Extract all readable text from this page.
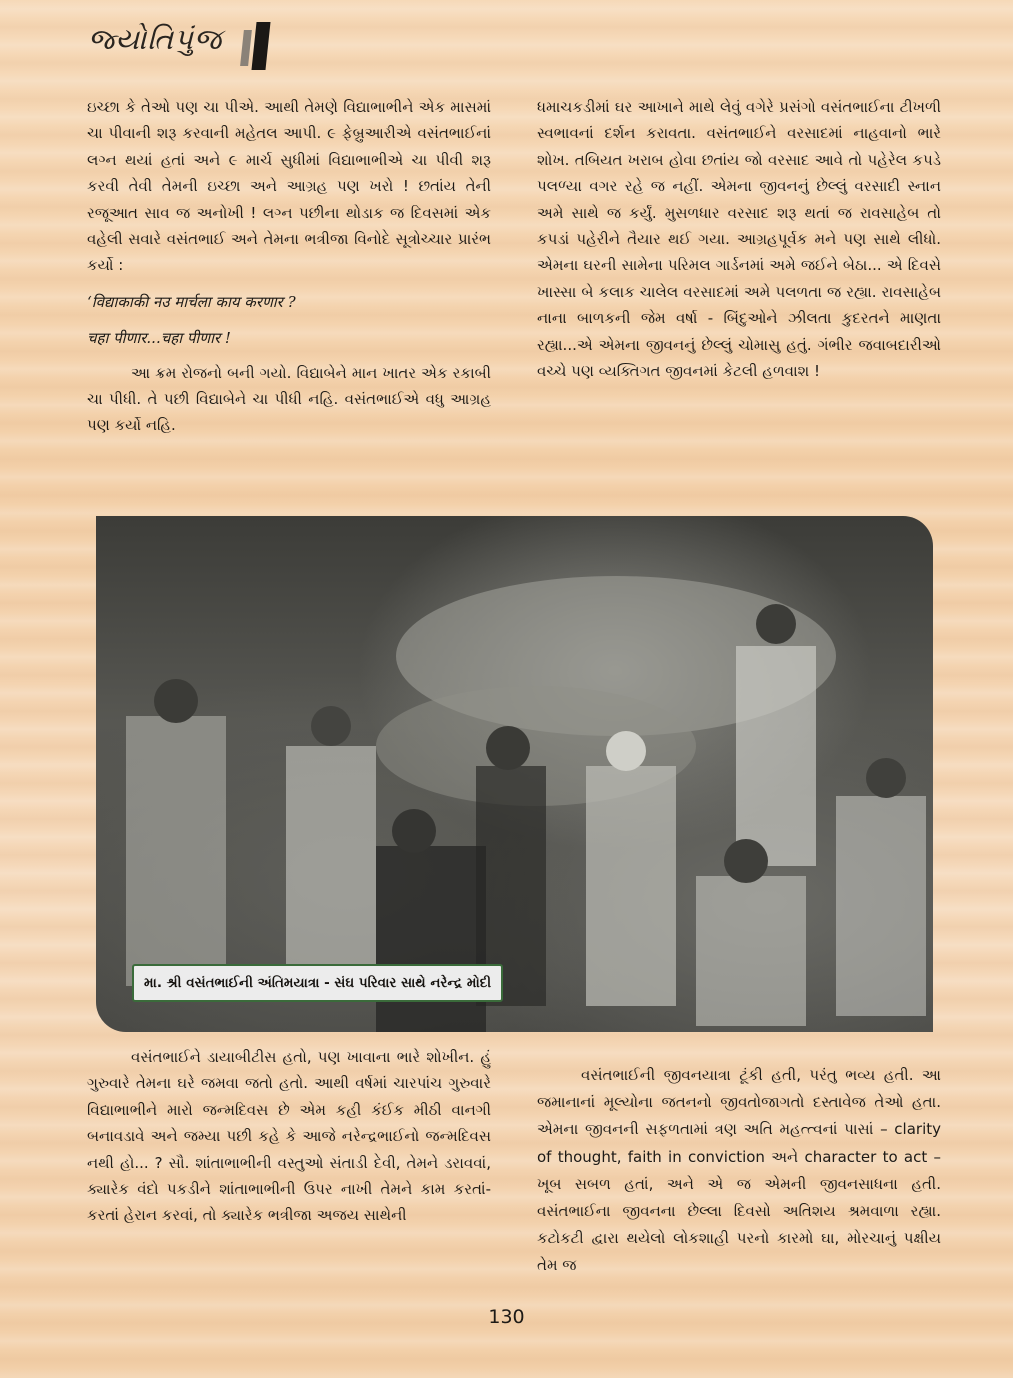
જ્યોતિપુંજ

ઇચ્છા કે તેઓ પણ ચા પીએ. આથી તેમણે વિદ્યાભાભીને એક માસમાં ચા પીવાની શરૂ કરવાની મહેતલ આપી. ૯ ફેબ્રુઆરીએ વસંતભાઈનાં લગ્ન થયાં હતાં અને ૯ માર્ચ સુધીમાં વિદ્યાભાભીએ ચા પીવી શરૂ કરવી તેવી તેમની ઇચ્છા અને આગ્રહ પણ ખરો ! છતાંય તેની રજૂઆત સાવ જ અનોખી ! લગ્ન પછીના થોડાક જ દિવસમાં એક વહેલી સવારે વસંતભાઈ અને તેમના ભત્રીજા વિનોદે સૂત્રોચ્ચાર પ્રારંભ કર્યો :

‘विद्याकाकी नउ मार्चला काय करणार ?

चहा पीणार...चहा पीणार !

આ ક્રમ રોજનો બની ગયો. વિદ્યાબેને માન ખાતર એક રકાબી ચા પીધી. તે પછી વિદ્યાબેને ચા પીધી નહિ. વસંતભાઈએ વધુ આગ્રહ પણ કર્યો નહિ.

ધમાચકડીમાં ઘર આખાને માથે લેવું વગેરે પ્રસંગો વસંતભાઈના ટીખળી સ્વભાવનાં દર્શન કરાવતા. વસંતભાઈને વરસાદમાં નાહવાનો ભારે શોખ. તબિયત ખરાબ હોવા છતાંય જો વરસાદ આવે તો પહેરેલ કપડે પલળ્યા વગર રહે જ નહીં. એમના જીવનનું છેલ્લું વરસાદી સ્નાન અમે સાથે જ કર્યું. મુસળધાર વરસાદ શરૂ થતાં જ રાવસાહેબ તો કપડાં પહેરીને તૈયાર થઈ ગયા. આગ્રહપૂર્વક મને પણ સાથે લીધો. એમના ઘરની સામેના પરિમલ ગાર્ડનમાં અમે જઈને બેઠા... એ દિવસે ખાસ્સા બે કલાક ચાલેલ વરસાદમાં અમે પલળતા જ રહ્યા. રાવસાહેબ નાના બાળકની જેમ વર્ષા - બિંદુઓને ઝીલતા કુદરતને માણતા રહ્યા...એ એમના જીવનનું છેલ્લું ચોમાસુ હતું. ગંભીર જવાબદારીઓ વચ્ચે પણ વ્યક્તિગત જીવનમાં કેટલી હળવાશ !

મા. શ્રી વસંતભાઈની અંતિમયાત્રા - સંઘ પરિવાર સાથે નરેન્દ્ર મોદી

વસંતભાઈને ડાયાબીટીસ હતો, પણ ખાવાના ભારે શોખીન. હું ગુરુવારે તેમના ઘરે જમવા જતો હતો. આથી વર્ષમાં ચારપાંચ ગુરુવારે વિદ્યાભાભીને મારો જન્મદિવસ છે એમ કહી કંઈક મીઠી વાનગી બનાવડાવે અને જમ્યા પછી કહે કે આજે નરેન્દ્રભાઈનો જન્મદિવસ નથી હો... ? સૌ. શાંતાભાભીની વસ્તુઓ સંતાડી દેવી, તેમને ડરાવવાં, ક્યારેક વંદો પકડીને શાંતાભાભીની ઉપર નાખી તેમને કામ કરતાં-કરતાં હેરાન કરવાં, તો ક્યારેક ભત્રીજા અજય સાથેની

વસંતભાઈની જીવનયાત્રા ટૂંકી હતી, પરંતુ ભવ્ય હતી. આ જમાનાનાં મૂલ્યોના જતનનો જીવતોજાગતો દસ્તાવેજ તેઓ હતા. એમના જીવનની સફળતામાં ત્રણ અતિ મહત્ત્વનાં પાસાં – clarity of thought, faith in conviction અને character to act – ખૂબ સબળ હતાં, અને એ જ એમની જીવનસાધના હતી. વસંતભાઈના જીવનના છેલ્લા દિવસો અતિશય શ્રમવાળા રહ્યા. કટોકટી દ્વારા થયેલો લોકશાહી પરનો કારમો ઘા, મોરચાનું પક્ષીય તેમ જ

130
